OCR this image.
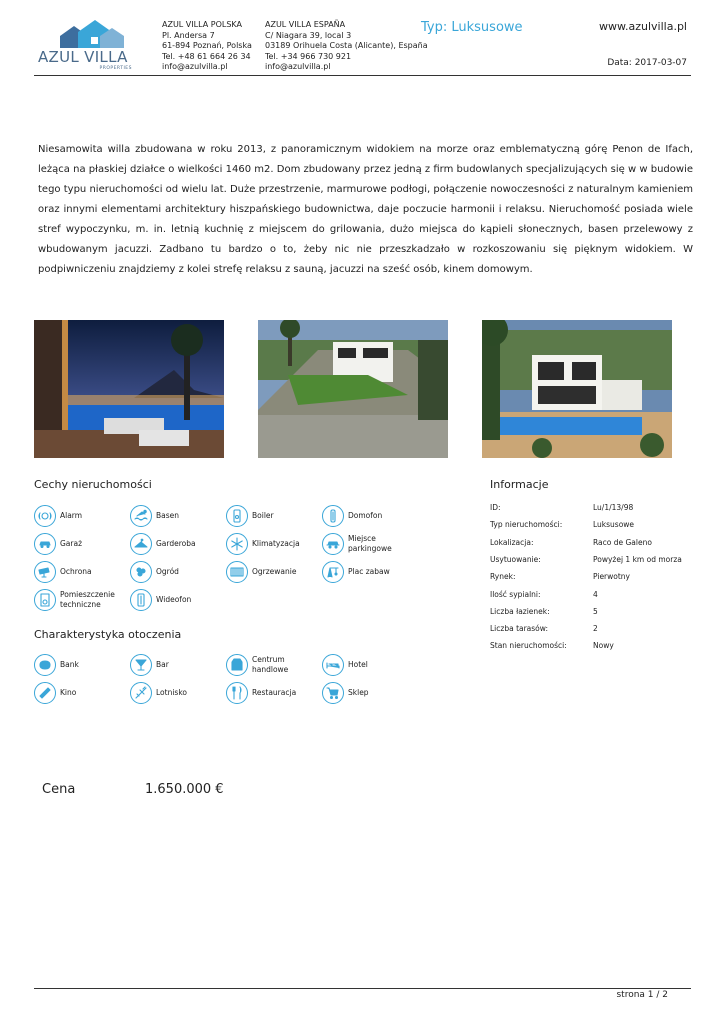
AZUL VILLA
PROPERTIES
AZUL VILLA POLSKA
Pl. Andersa 7
61-894 Poznań, Polska
Tel. +48 61 664 26 34
info@azulvilla.pl
AZUL VILLA ESPAÑA
C/ Niagara 39, local 3
03189 Orihuela Costa (Alicante), España
Tel. +34 966 730 921
info@azulvilla.pl
Typ: Luksusowe	www.azulvilla.pl
Data: 2017-03-07
Niesamowita willa zbudowana w roku 2013, z panoramicznym widokiem na morze oraz emblematyczną górę Penon de Ifach, leżąca na płaskiej działce o wielkości 1460 m2. Dom zbudowany przez jedną z firm budowlanych specjalizujących się w w budowie tego typu nieruchomości od wielu lat. Duże przestrzenie, marmurowe podłogi, połączenie nowoczesności z naturalnym kamieniem oraz innymi elementami architektury hiszpańskiego budownictwa, daje poczucie harmonii i relaksu. Nieruchomość posiada wiele stref wypoczynku, m. in. letnią kuchnię z miejscem do grilowania, dużo miejsca do kąpieli słonecznych, basen przelewowy z wbudowanym jacuzzi. Zadbano tu bardzo o to, żeby nic nie przeszkadzało w rozkoszowaniu się pięknym widokiem. W podpiwniczeniu znajdziemy z kolei strefę relaksu z sauną, jacuzzi na sześć osób, kinem domowym.
Cechy nieruchomości	Informacje
Charakterystyka otoczenia
Alarm	Basen	Boiler	Domofon
Garaż	Garderoba	Klimatyzacja
Miejsce parkingowe
Ochrona	Ogród	Ogrzewanie	Plac zabaw
Pomieszczenie techniczne
Wideofon
Bank	Bar
Centrum handlowe
Hotel
Kino	Lotnisko	Restauracja	Sklep
ID:	Lu/1/13/98
Typ nieruchomości:	Luksusowe
Lokalizacja:	Raco de Galeno
Usytuowanie:	Powyżej 1 km od morza
Rynek:	Pierwotny
Ilość sypialni:	4
Liczba łazienek:	5
Liczba tarasów:	2
Stan nieruchomości:	Nowy
Cena	1.650.000 €
strona 1 / 2
